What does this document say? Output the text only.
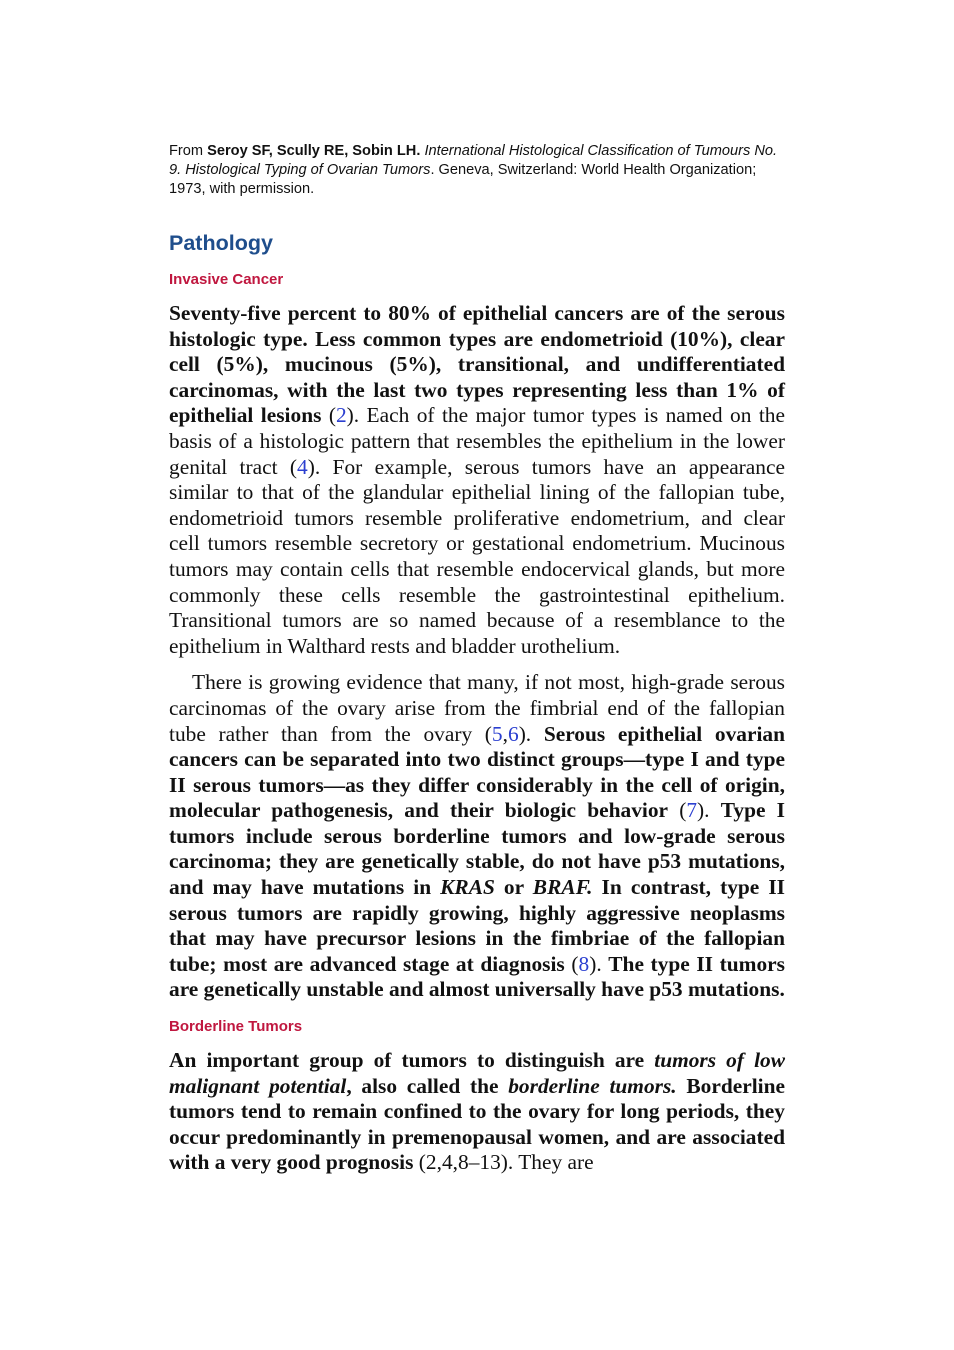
From Seroy SF, Scully RE, Sobin LH. International Histological Classification of Tumours No. 9. Histological Typing of Ovarian Tumors. Geneva, Switzerland: World Health Organization; 1973, with permission.

Pathology
Invasive Cancer

Seventy-five percent to 80% of epithelial cancers are of the serous histologic type. Less common types are endometrioid (10%), clear cell (5%), mucinous (5%), transitional, and undifferentiated carcinomas, with the last two types representing less than 1% of epithelial lesions (2). Each of the major tumor types is named on the basis of a histologic pattern that resembles the epithelium in the lower genital tract (4). For example, serous tumors have an appearance similar to that of the glandular epithelial lining of the fallopian tube, endometrioid tumors resemble proliferative endometrium, and clear cell tumors resemble secretory or gestational endometrium. Mucinous tumors may contain cells that resemble endocervical glands, but more commonly these cells resemble the gastrointestinal epithelium. Transitional tumors are so named because of a resemblance to the epithelium in Walthard rests and bladder urothelium.

There is growing evidence that many, if not most, high-grade serous carcinomas of the ovary arise from the fimbrial end of the fallopian tube rather than from the ovary (5,6). Serous epithelial ovarian cancers can be separated into two distinct groups—type I and type II serous tumors—as they differ considerably in the cell of origin, molecular pathogenesis, and their biologic behavior (7). Type I tumors include serous borderline tumors and low-grade serous carcinoma; they are genetically stable, do not have p53 mutations, and may have mutations in KRAS or BRAF. In contrast, type II serous tumors are rapidly growing, highly aggressive neoplasms that may have precursor lesions in the fimbriae of the fallopian tube; most are advanced stage at diagnosis (8). The type II tumors are genetically unstable and almost universally have p53 mutations.

Borderline Tumors

An important group of tumors to distinguish are tumors of low malignant potential, also called the borderline tumors. Borderline tumors tend to remain confined to the ovary for long periods, they occur predominantly in premenopausal women, and are associated with a very good prognosis (2,4,8–13). They are
